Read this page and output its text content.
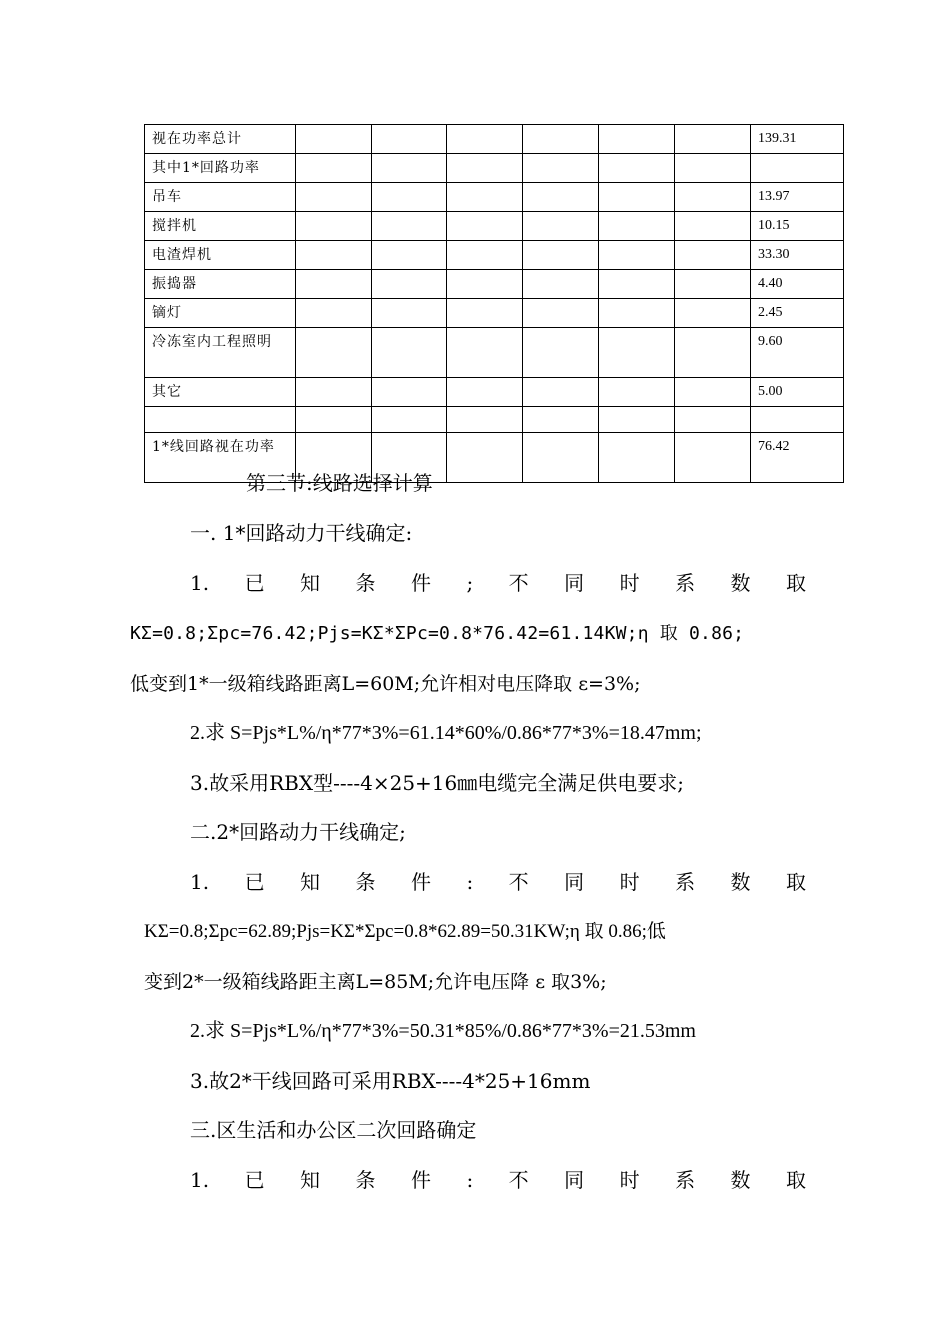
视在功率总计							139.31
其中1*回路功率							
吊车							13.97
搅拌机							10.15
电渣焊机							33.30
振捣器							4.40
镝灯							2.45
冷冻室内工程照明							9.60
其它							5.00

1*线回路视在功率							76.42
第三节:线路选择计算
一. 1*回路动力干线确定:
1. 已 知 条 件 ; 不 同 时 系 数 取
KΣ=0.8;Σpc=76.42;Pjs=KΣ*ΣPc=0.8*76.42=61.14KW;η 取 0.86;
低变到1*一级箱线路距离L=60M;允许相对电压降取 ε=3%;
2.求 S=Pjs*L%/η*77*3%=61.14*60%/0.86*77*3%=18.47mm;
3.故采用RBX型----4×25+16㎜电缆完全满足供电要求;
二.2*回路动力干线确定;
1. 已 知 条 件 : 不 同 时 系 数 取
KΣ=0.8;Σpc=62.89;Pjs=KΣ*Σpc=0.8*62.89=50.31KW;η 取 0.86;低
变到2*一级箱线路距主离L=85M;允许电压降 ε 取3%;
2.求 S=Pjs*L%/η*77*3%=50.31*85%/0.86*77*3%=21.53mm
3.故2*干线回路可采用RBX----4*25+16mm
三.区生活和办公区二次回路确定
1. 已 知 条 件 : 不 同 时 系 数 取
